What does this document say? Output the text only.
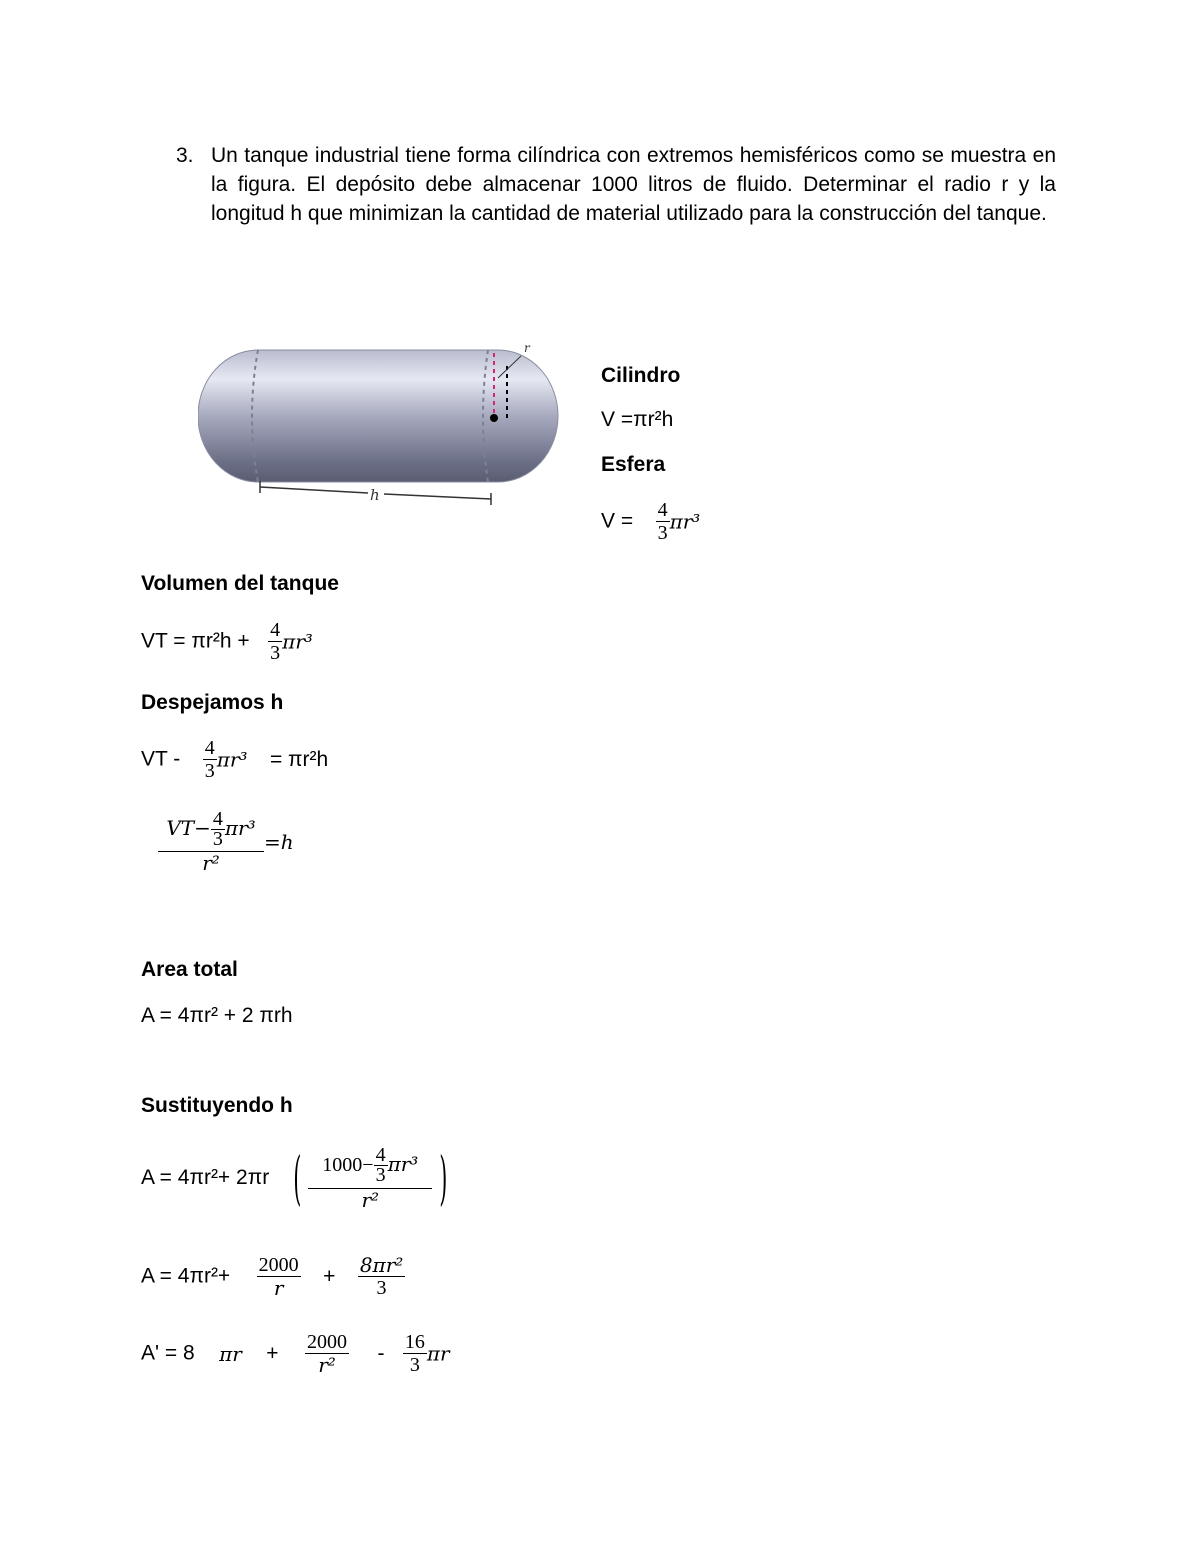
3. Un tanque industrial tiene forma cilíndrica con extremos hemisféricos como se muestra en la figura. El depósito debe almacenar 1000 litros de fluido. Determinar el radio r y la longitud h que minimizan la cantidad de material utilizado para la construcción del tanque.
r
h
Cilindro
V =πr²h
Esfera
$V = \frac{4}{3} \pi r^3$
Volumen del tanque
VT = $\pi r^2h + \frac{4}{3} \pi r^3$
Despejamos h
VT - $\frac{4}{3} \pi r^3 = \pi r^2h$
$\frac{VT- \frac{4}{3} \pi r^3}{\text{r²}} =h$
Area total
A = 4πr² + 2 πrh
Sustituyendo h
A = 4πr²+ 2πr ( $\frac{1000- \frac{4}{3} \pi r^3}{\text{r²}}$ )
$A = 4\pi r^2+ \frac{2000}{r} + \frac{\text{8πr²}}{3}$
A' = 8 $\pi r + \frac{2000}{\text{r²}} - \frac{16}{3}$ πr
